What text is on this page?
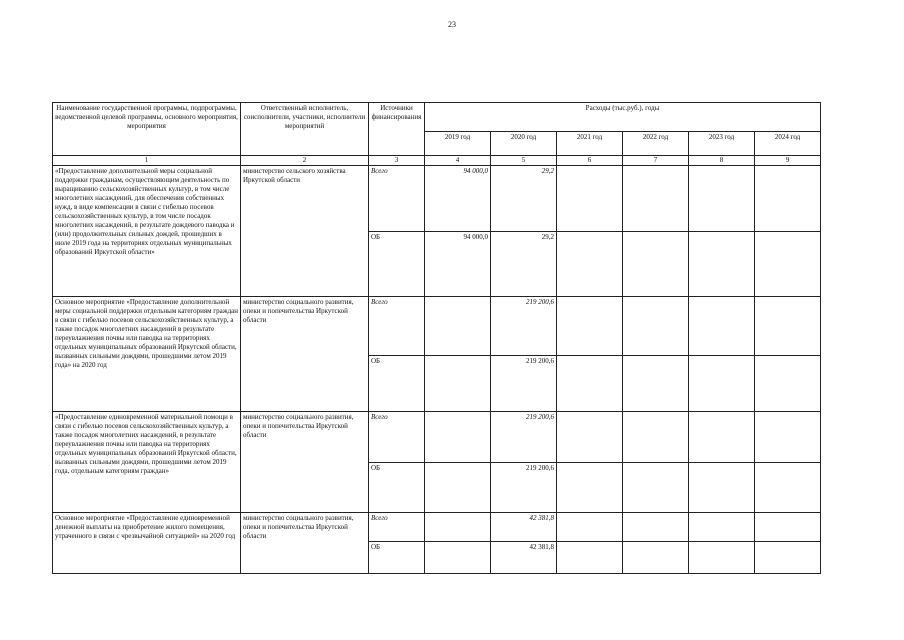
23
Наименование государственной программы, подпрограммы, ведомственной целевой программы, основного мероприятия, мероприятия	Ответственный исполнитель, соисполнители, участники, исполнители мероприятий	Источники финансирования	Расходы (тыс.руб.), годы					
			2019 год	2020 год	2021 год	2022 год	2023 год	2024 год
1	2	3	4	5	6	7	8	9
«Предоставление дополнительной меры социальной поддержки гражданам, осуществляющим деятельность по выращиванию сельскохозяйственных культур, в том числе многолетних насаждений, для обеспечения собственных нужд, в виде компенсации в связи с гибелью посевов сельскохозяйственных культур, в том числе посадок многолетних насаждений, в результате дождевого паводка и (или) продолжительных сильных дождей, прошедших в июле 2019 года на территориях отдельных муниципальных образований Иркутской области»	министерство сельского хозяйства Иркутской области	Всего	94 000,0	29,2				
		ОБ	94 000,0	29,2				
Основное мероприятие «Предоставление дополнительной меры социальной поддержки отдельным категориям граждан в связи с гибелью посевов сельскохозяйственных культур, а также посадок многолетних насаждений в результате переувлажнения почвы или паводка на территориях отдельных муниципальных образований Иркутской области, вызванных сильными дождями, прошедшими летом 2019 года» на 2020 год	министерство социального развития, опеки и попечительства Иркутской области	Всего		219 200,6				
		ОБ		219 200,6				
«Предоставление единовременной материальной помощи в связи с гибелью посевов сельскохозяйственных культур, а также посадок многолетних насаждений, в результате переувлажнения почвы или паводка на территориях отдельных муниципальных образований Иркутской области, вызванных сильными дождями, прошедшими летом 2019 года, отдельным категориям граждан»	министерство социального развития, опеки и попечительства Иркутской области	Всего		219 200,6				
		ОБ		219 200,6				
Основное мероприятие «Предоставление единовременной денежной выплаты на приобретение жилого помещения, утраченного в связи с чрезвычайной ситуацией» на 2020 год	министерство социального развития, опеки и попечительства Иркутской области	Всего		42 381,8				
		ОБ		42 381,8				
